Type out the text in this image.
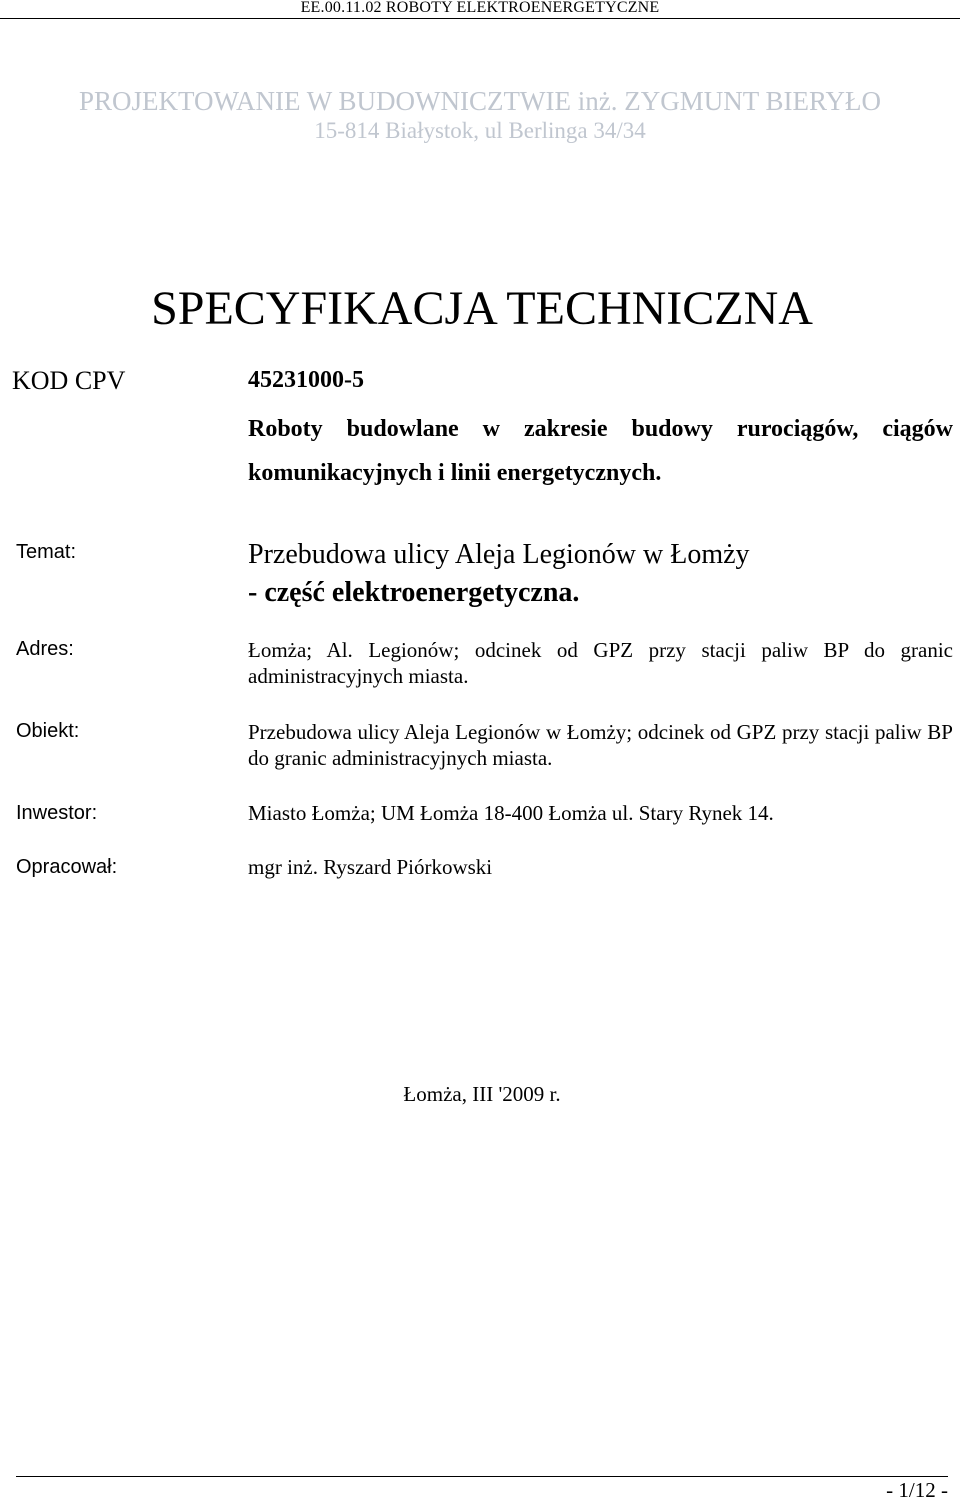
EE.00.11.02 ROBOTY ELEKTROENERGETYCZNE
PROJEKTOWANIE W BUDOWNICZTWIE inż. ZYGMUNT BIERYŁO
15-814 Białystok, ul Berlinga 34/34
SPECYFIKACJA TECHNICZNA
KOD CPV	45231000-5
Roboty budowlane w zakresie budowy rurociągów, ciągów komunikacyjnych i linii energetycznych.
Temat:	Przebudowa ulicy Aleja Legionów w Łomży
- część elektroenergetyczna.
Adres:	Łomża; Al. Legionów; odcinek od GPZ przy stacji paliw BP do granic administracyjnych miasta.
Obiekt:	Przebudowa ulicy Aleja Legionów w Łomży; odcinek od GPZ przy stacji paliw BP do granic administracyjnych miasta.
Inwestor:	Miasto Łomża; UM Łomża 18-400 Łomża ul. Stary Rynek 14.
Opracował:	mgr inż. Ryszard Piórkowski
Łomża, III '2009 r.
- 1/12 -
